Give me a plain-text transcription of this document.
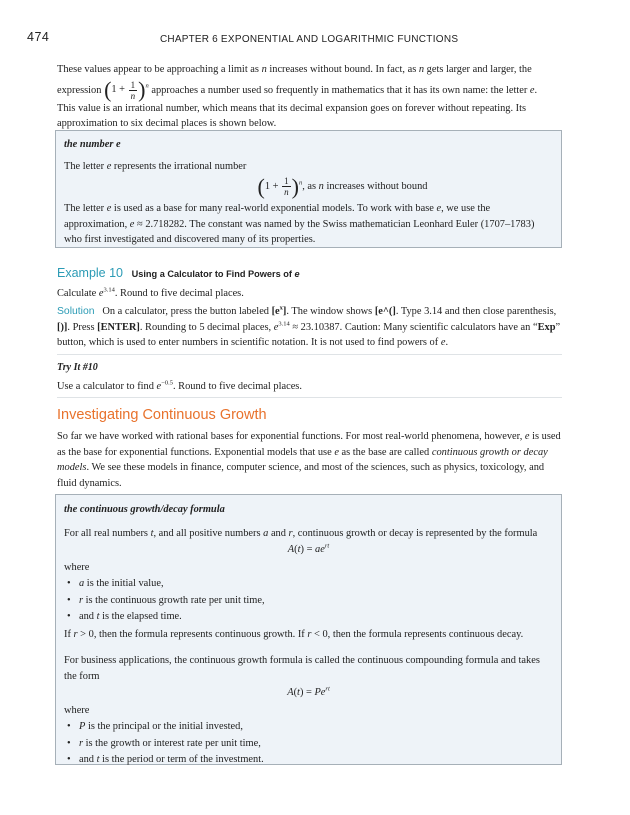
474	CHAPTER 6 EXPONENTIAL AND LOGARITHMIC FUNCTIONS

These values appear to be approaching a limit as n increases without bound. In fact, as n gets larger and larger, the

expression $(1 + \frac{1}{n} )^n$ approaches a number used so frequently in mathematics that it has its own name: the letter e.

This value is an irrational number, which means that its decimal expansion goes on forever without repeating. Its

approximation to six decimal places is shown below.

the number e

The letter e represents the irrational number

$(1 + \frac{1}{n} )^n$, as n increases without bound

The letter e is used as a base for many real-world exponential models. To work with base e, we use the approximation, e ≈ 2.718282. The constant was named by the Swiss mathematician Leonhard Euler (1707–1783) who first investigated and discovered many of its properties.

Example 10 Using a Calculator to Find Powers of e

Calculate $e^{3.14}$. Round to five decimal places.

Solution   On a calculator, press the button labeled $[e^x]$. The window shows [e^(]. Type 3.14 and then close parenthesis, [)]. Press [ENTER]. Rounding to 5 decimal places, $e^{3.14} \approx 23.10387$. Caution: Many scientific calculators have an “Exp” button, which is used to enter numbers in scientific notation. It is not used to find powers of e.

Try It #10

Use a calculator to find $e^{-0.5}$. Round to five decimal places.

Investigating Continuous Growth

So far we have worked with rational bases for exponential functions. For most real-world phenomena, however, e is used as the base for exponential functions. Exponential models that use e as the base are called continuous growth or decay models. We see these models in finance, computer science, and most of the sciences, such as physics, toxicology, and fluid dynamics.

the continuous growth/decay formula

For all real numbers t, and all positive numbers a and r, continuous growth or decay is represented by the formula

$A(t) = ae^{rt}$

where

• a is the initial value,
• r is the continuous growth rate per unit time,
• and t is the elapsed time.

If r > 0, then the formula represents continuous growth. If r < 0, then the formula represents continuous decay.

For business applications, the continuous growth formula is called the continuous compounding formula and takes the form

$A(t) = Pe^{rt}$

where

• P is the principal or the initial invested,
• r is the growth or interest rate per unit time,
• and t is the period or term of the investment.
